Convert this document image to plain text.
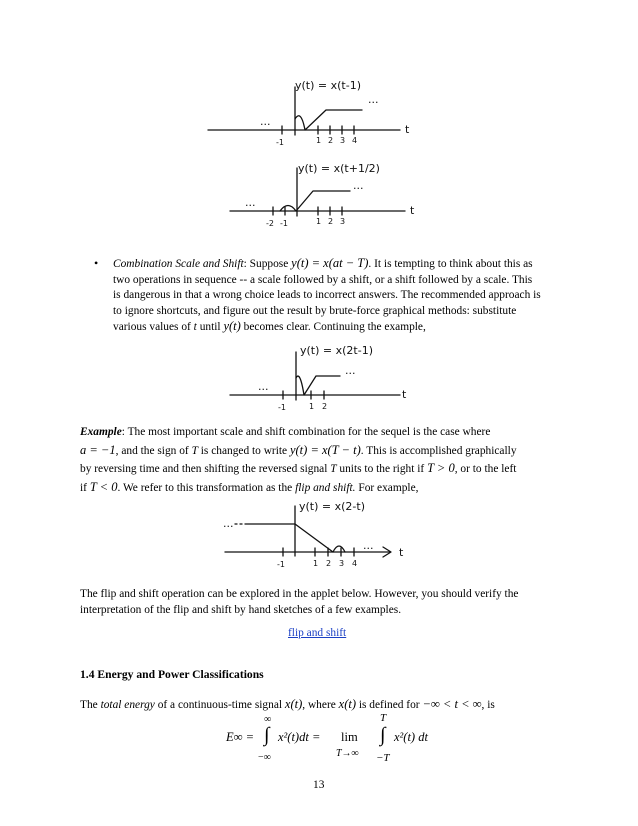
y(t) = x(t-1)
...
...
t
-1	1 2 3 4
y(t) = x(t+1/2)
...
...
t
-2 -1	1 2 3
• Combination Scale and Shift: Suppose y(t) = x(at − T). It is tempting to think about this as
two operations in sequence -- a scale followed by a shift, or a shift followed by a scale. This
is dangerous in that a wrong choice leads to incorrect answers. The recommended approach is
to ignore shortcuts, and figure out the result by brute-force graphical methods: substitute
various values of t until y(t) becomes clear. Continuing the example,
y(t) = x(2t-1)
...
...
t
-1	1 2
Example: The most important scale and shift combination for the sequel is the case where
a = −1, and the sign of T is changed to write y(t) = x(T − t). This is accomplished graphically
by reversing time and then shifting the reversed signal T units to the right if T > 0, or to the left
if T < 0. We refer to this transformation as the flip and shift. For example,
y(t) = x(2-t)
...
...
t
-1	1 2 3 4
The flip and shift operation can be explored in the applet below. However, you should verify the
interpretation of the flip and shift by hand sketches of a few examples.
flip and shift
1.4 Energy and Power Classifications
The total energy of a continuous-time signal x(t), where x(t) is defined for −∞ < t < ∞, is
E∞ =
∞
∫
−∞
x²(t)dt = lim
T→∞
T
∫
−T
x²(t) dt
13
